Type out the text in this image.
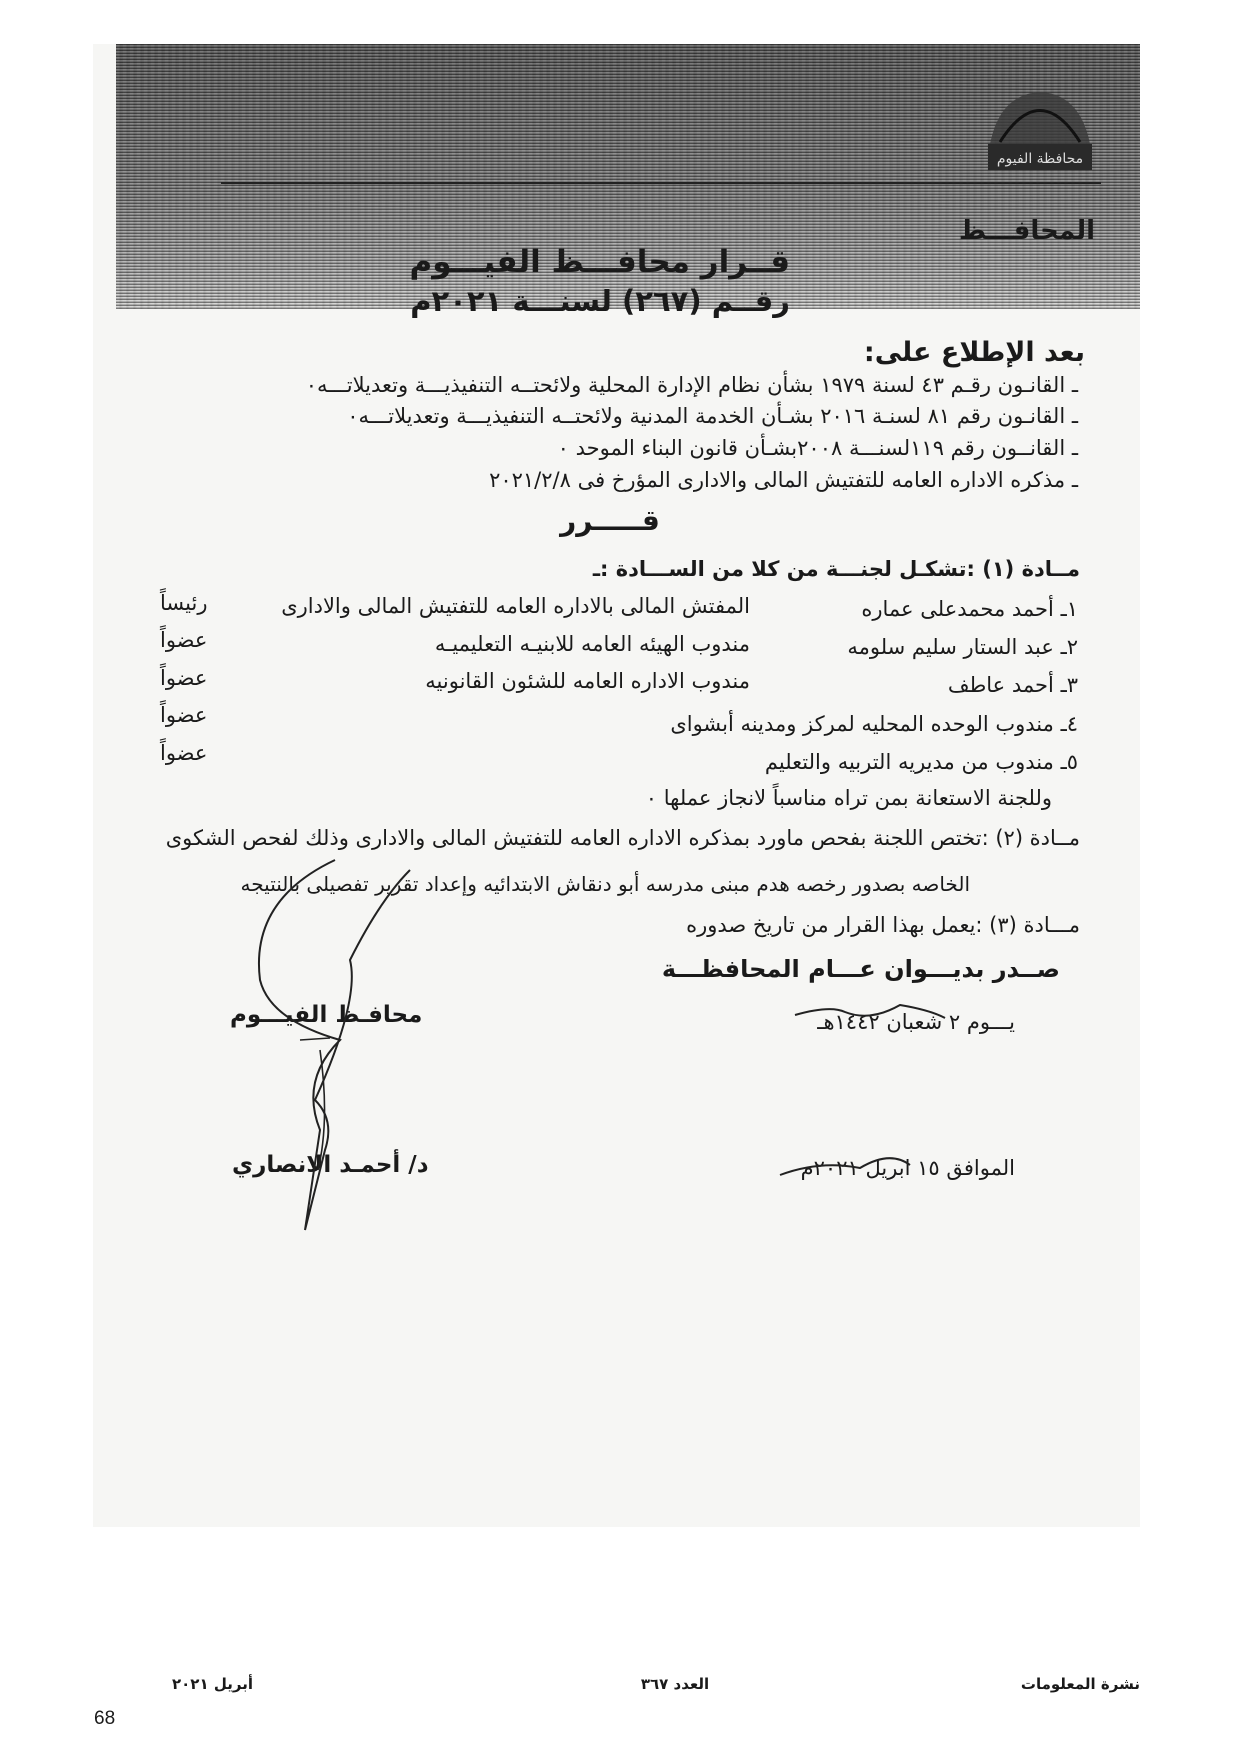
محافظة الفيوم
المحافـــظ
قــرار محافـــظ الفيـــوم
رقــم (٢٦٧) لسنـــة ٢٠٢١م
بعد الإطلاع على:
ـ القانـون رقـم ٤٣ لسنة ١٩٧٩ بشأن نظام الإدارة المحلية ولائحتــه التنفيذيـــة وتعديلاتـــه٠
ـ القانـون رقم ٨١ لسنـة ٢٠١٦ بشـأن الخدمة المدنية ولائحتــه التنفيذيـــة وتعديلاتـــه٠
ـ القانــون رقم ١١٩لسنـــة ٢٠٠٨بشـأن قانون البناء الموحد ٠
ـ مذكره الاداره العامه للتفتيش المالى والادارى المؤرخ فى ٢٠٢١/٢/٨
قـــــرر
مــادة (١) :تشكـل لجنـــة من كلا من الســـادة :ـ
١ـ أحمد محمدعلى عماره
المفتش المالى بالاداره العامه للتفتيش المالى والادارى
رئيساً
٢ـ عبد الستار سليم سلومه
مندوب الهيئه العامه للابنيـه التعليميـه
عضواً
٣ـ أحمد عاطف
مندوب الاداره العامه للشئون القانونيه
عضواً
٤ـ مندوب الوحده المحليه لمركز ومدينه أبشواى
عضواً
٥ـ مندوب من مديريه التربيه والتعليم
عضواً
وللجنة الاستعانة بمن تراه مناسباً لانجاز عملها ٠
مــادة (٢) :تختص اللجنة بفحص ماورد بمذكره الاداره العامه للتفتيش المالى والادارى وذلك لفحص الشكوى
الخاصه بصدور رخصه هدم مبنى مدرسه أبو دنقاش الابتدائيه وإعداد تقرير تفصيلى بالنتيجه
مـــادة (٣) :يعمل بهذا القرار من تاريخ صدوره
صــدر بديـــوان عـــام المحافظـــة
يـــوم ٢ شعبان ١٤٤٢هـ
الموافق ١٥ ابريل ٢٠٢١م
محافـظ الفيـــوم
د/ أحمـد الانصاري
نشرة المعلومات
العدد ٣٦٧
أبريل ٢٠٢١
68
